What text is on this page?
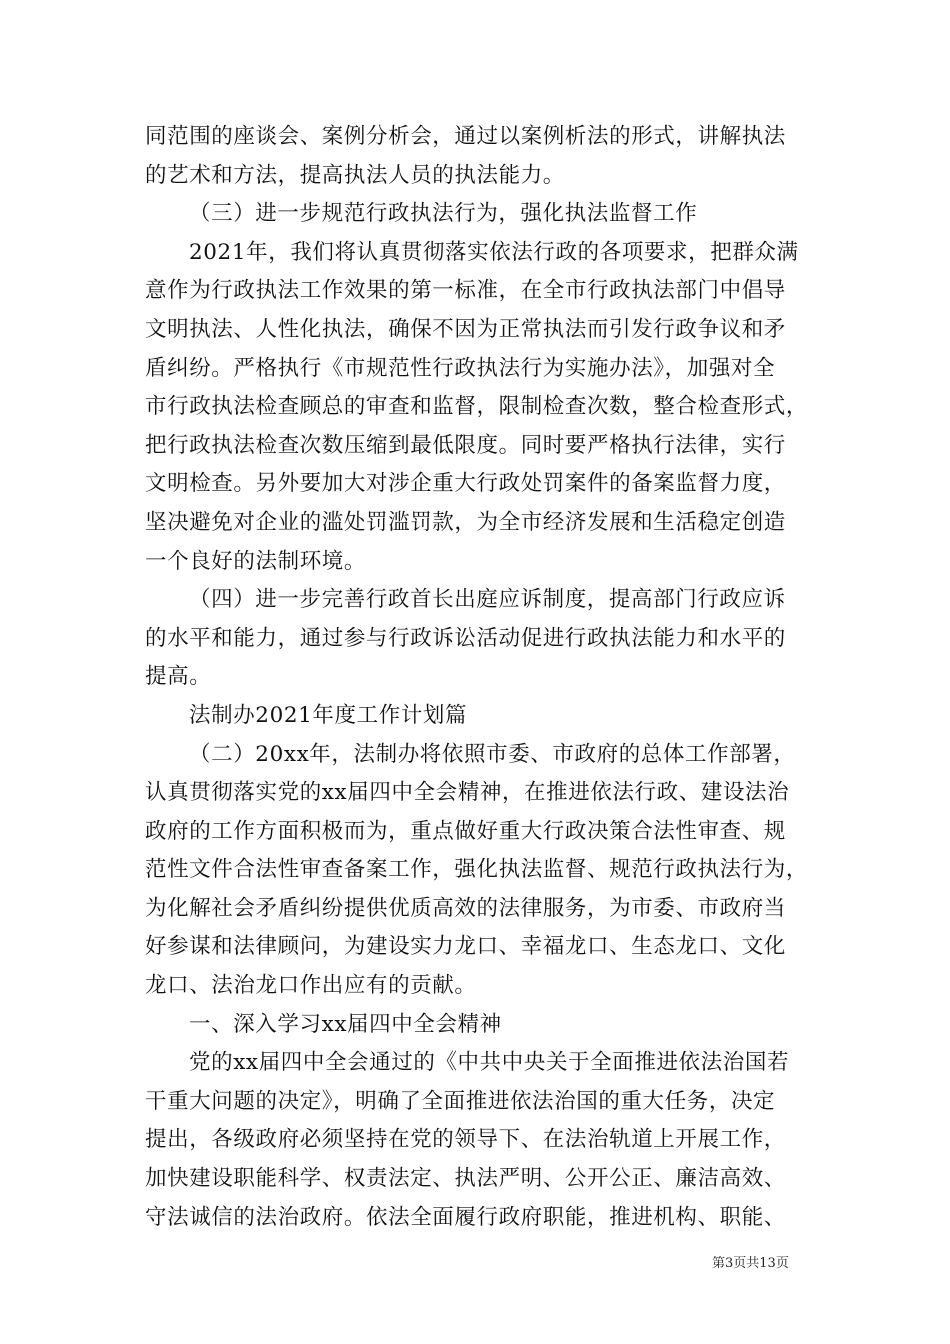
同范围的座谈会、案例分析会，通过以案例析法的形式，讲解执法
的艺术和方法，提高执法人员的执法能力。
（三）进一步规范行政执法行为，强化执法监督工作
2021年，我们将认真贯彻落实依法行政的各项要求，把群众满
意作为行政执法工作效果的第一标准，在全市行政执法部门中倡导
文明执法、人性化执法，确保不因为正常执法而引发行政争议和矛
盾纠纷。严格执行《市规范性行政执法行为实施办法》，加强对全
市行政执法检查顾总的审查和监督，限制检查次数，整合检查形式，
把行政执法检查次数压缩到最低限度。同时要严格执行法律，实行
文明检查。另外要加大对涉企重大行政处罚案件的备案监督力度，
坚决避免对企业的滥处罚滥罚款，为全市经济发展和生活稳定创造
一个良好的法制环境。
（四）进一步完善行政首长出庭应诉制度，提高部门行政应诉
的水平和能力，通过参与行政诉讼活动促进行政执法能力和水平的
提高。
法制办2021年度工作计划篇
（二）20xx年，法制办将依照市委、市政府的总体工作部署，
认真贯彻落实党的xx届四中全会精神，在推进依法行政、建设法治
政府的工作方面积极而为，重点做好重大行政决策合法性审查、规
范性文件合法性审查备案工作，强化执法监督、规范行政执法行为，
为化解社会矛盾纠纷提供优质高效的法律服务，为市委、市政府当
好参谋和法律顾问，为建设实力龙口、幸福龙口、生态龙口、文化
龙口、法治龙口作出应有的贡献。
一、深入学习xx届四中全会精神
党的xx届四中全会通过的《中共中央关于全面推进依法治国若
干重大问题的决定》，明确了全面推进依法治国的重大任务，决定
提出，各级政府必须坚持在党的领导下、在法治轨道上开展工作，
加快建设职能科学、权责法定、执法严明、公开公正、廉洁高效、
守法诚信的法治政府。依法全面履行政府职能，推进机构、职能、
第3页共13页
